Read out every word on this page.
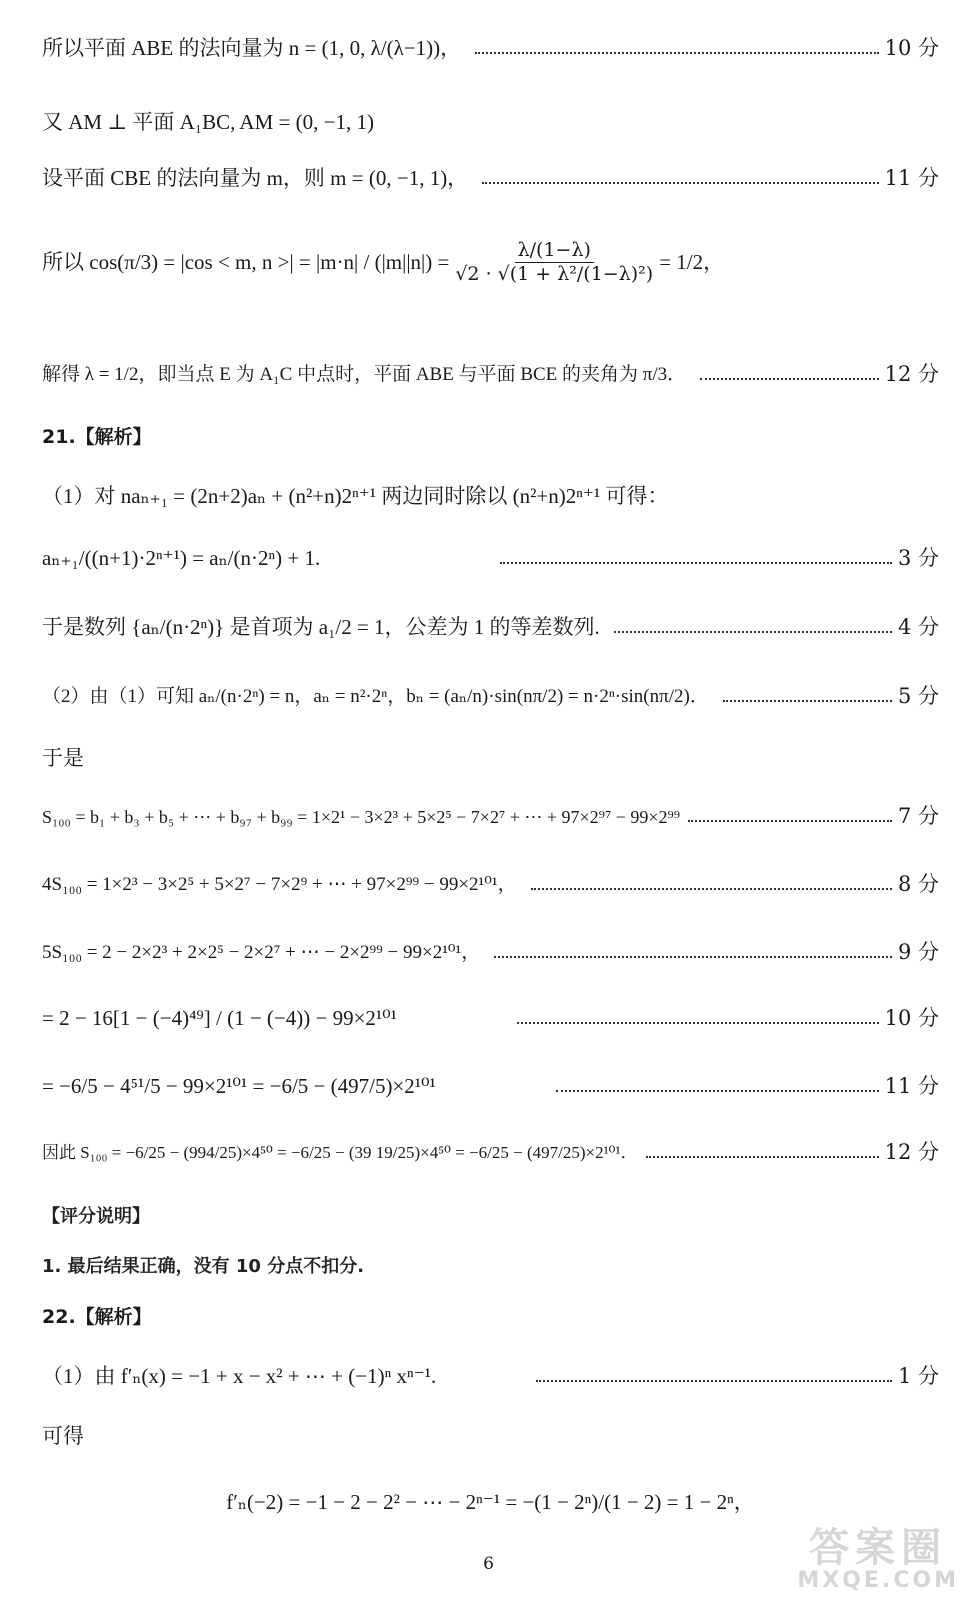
所以平面 ABE 的法向量为 n = (1, 0, λ/(λ−1))，	10 分
又 AM ⊥ 平面 A₁BC, AM = (0, −1, 1)
设平面 CBE 的法向量为 m，则 m = (0, −1, 1)，	11 分
所以 cos(π/3) = |cos < m, n >| = $|m\cdot n| / (|m||n|) = \frac{\lambda/(1-\lambda)}{\text{√2 · √(1 + λ²/(1−λ)²)}} = 1/2$，
解得 λ = 1/2，即当点 E 为 A₁C 中点时，平面 ABE 与平面 BCE 的夹角为 π/3．	12 分
21.【解析】
（1）对 naₙ₊₁ = (2n+2)aₙ + (n²+n)2ⁿ⁺¹ 两边同时除以 (n²+n)2ⁿ⁺¹ 可得：
aₙ₊₁/((n+1)·2ⁿ⁺¹) = aₙ/(n·2ⁿ) + 1.	3 分
于是数列 {aₙ/(n·2ⁿ)} 是首项为 a₁/2 = 1，公差为 1 的等差数列.	4 分
（2）由（1）可知 aₙ/(n·2ⁿ) = n，aₙ = n²·2ⁿ，bₙ = (aₙ/n)·sin(nπ/2) = n·2ⁿ·sin(nπ/2)．	5 分
于是
S₁₀₀ = b₁ + b₃ + b₅ + ⋯ + b₉₇ + b₉₉ = 1×2¹ − 3×2³ + 5×2⁵ − 7×2⁷ + ⋯ + 97×2⁹⁷ − 99×2⁹⁹	7 分
4S₁₀₀ = 1×2³ − 3×2⁵ + 5×2⁷ − 7×2⁹ + ⋯ + 97×2⁹⁹ − 99×2¹⁰¹，	8 分
5S₁₀₀ = 2 − 2×2³ + 2×2⁵ − 2×2⁷ + ⋯ − 2×2⁹⁹ − 99×2¹⁰¹，	9 分
= 2 − 16[1 − (−4)⁴⁹] / (1 − (−4)) − 99×2¹⁰¹	10 分
= −6/5 − 4⁵¹/5 − 99×2¹⁰¹ = −6/5 − (497/5)×2¹⁰¹	11 分
因此 S₁₀₀ = −6/25 − (994/25)×4⁵⁰ = −6/25 − (39 19/25)×4⁵⁰ = −6/25 − (497/25)×2¹⁰¹．	12 分
【评分说明】
1. 最后结果正确，没有 10 分点不扣分.
22.【解析】
（1）由 f′ₙ(x) = −1 + x − x² + ⋯ + (−1)ⁿ xⁿ⁻¹.	1 分
可得
f′ₙ(−2) = −1 − 2 − 2² − ⋯ − 2ⁿ⁻¹ = −(1 − 2ⁿ)/(1 − 2) = 1 − 2ⁿ，
6	答案圈
MXQE.COM
